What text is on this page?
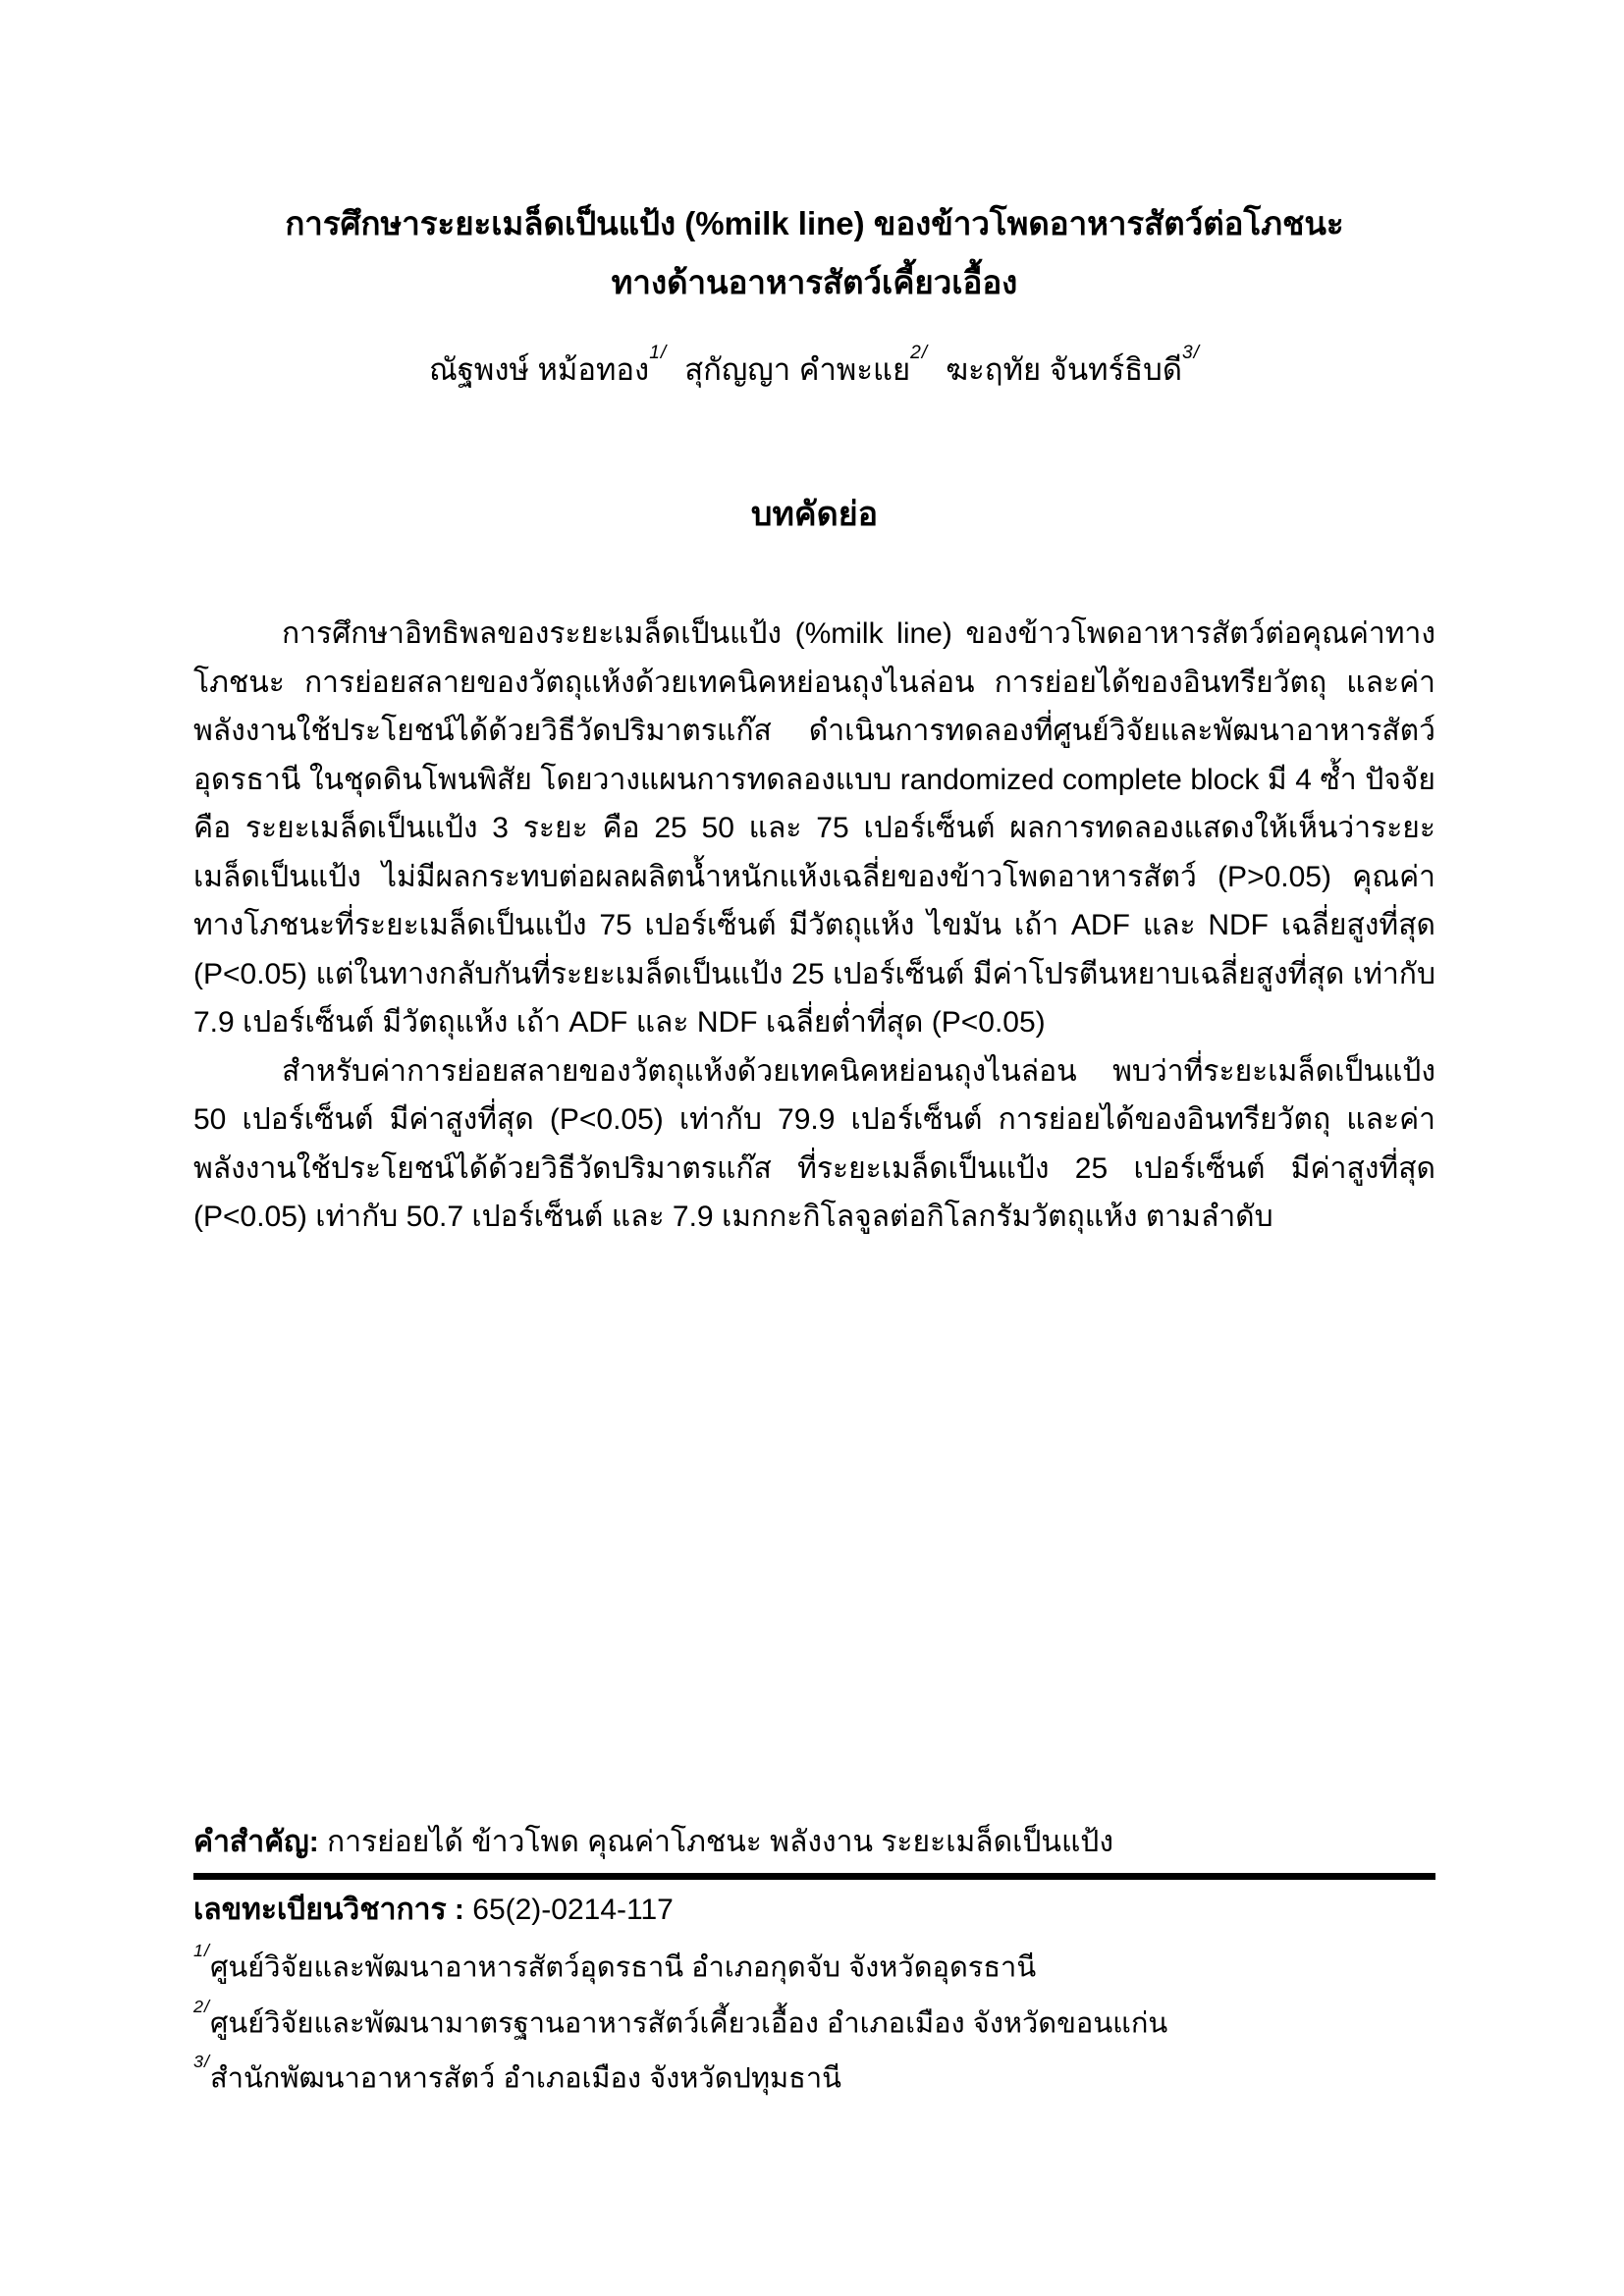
การศึกษาระยะเมล็ดเป็นแป้ง (%milk line) ของข้าวโพดอาหารสัตว์ต่อโภชนะ
ทางด้านอาหารสัตว์เคี้ยวเอื้อง
ณัฐพงษ์ หม้อทอง$^{1/}$ สุกัญญา คำพะแย$^{2/}$ ฆะฤทัย จันทร์ธิบดี$^{3/}$
บทคัดย่อ

การศึกษาอิทธิพลของระยะเมล็ดเป็นแป้ง (%milk line) ของข้าวโพดอาหารสัตว์ต่อคุณค่าทางโภชนะ การย่อยสลายของวัตถุแห้งด้วยเทคนิคหย่อนถุงไนล่อน การย่อยได้ของอินทรียวัตถุ และค่าพลังงานใช้ประโยชน์ได้ด้วยวิธีวัดปริมาตรแก๊ส ดำเนินการทดลองที่ศูนย์วิจัยและพัฒนาอาหารสัตว์อุดรธานี ในชุดดินโพนพิสัย โดยวางแผนการทดลองแบบ randomized complete block มี 4 ซ้ำ ปัจจัยคือ ระยะเมล็ดเป็นแป้ง 3 ระยะ คือ 25 50 และ 75 เปอร์เซ็นต์ ผลการทดลองแสดงให้เห็นว่าระยะเมล็ดเป็นแป้ง ไม่มีผลกระทบต่อผลผลิตน้ำหนักแห้งเฉลี่ยของข้าวโพดอาหารสัตว์ (P>0.05) คุณค่าทางโภชนะที่ระยะเมล็ดเป็นแป้ง 75 เปอร์เซ็นต์ มีวัตถุแห้ง ไขมัน เถ้า ADF และ NDF เฉลี่ยสูงที่สุด (P<0.05) แต่ในทางกลับกันที่ระยะเมล็ดเป็นแป้ง 25 เปอร์เซ็นต์ มีค่าโปรตีนหยาบเฉลี่ยสูงที่สุด เท่ากับ 7.9 เปอร์เซ็นต์ มีวัตถุแห้ง เถ้า ADF และ NDF เฉลี่ยต่ำที่สุด (P<0.05)

สำหรับค่าการย่อยสลายของวัตถุแห้งด้วยเทคนิคหย่อนถุงไนล่อน พบว่าที่ระยะเมล็ดเป็นแป้ง 50 เปอร์เซ็นต์ มีค่าสูงที่สุด (P<0.05) เท่ากับ 79.9 เปอร์เซ็นต์ การย่อยได้ของอินทรียวัตถุ และค่าพลังงานใช้ประโยชน์ได้ด้วยวิธีวัดปริมาตรแก๊ส ที่ระยะเมล็ดเป็นแป้ง 25 เปอร์เซ็นต์ มีค่าสูงที่สุด (P<0.05) เท่ากับ 50.7 เปอร์เซ็นต์ และ 7.9 เมกกะกิโลจูลต่อกิโลกรัมวัตถุแห้ง ตามลำดับ

คำสำคัญ: การย่อยได้ ข้าวโพด คุณค่าโภชนะ พลังงาน ระยะเมล็ดเป็นแป้ง
เลขทะเบียนวิชาการ : 65(2)-0214-117
$^{1/}$ศูนย์วิจัยและพัฒนาอาหารสัตว์อุดรธานี อำเภอกุดจับ จังหวัดอุดรธานี
$^{2/}$ศูนย์วิจัยและพัฒนามาตรฐานอาหารสัตว์เคี้ยวเอื้อง อำเภอเมือง จังหวัดขอนแก่น
$^{3/}$สำนักพัฒนาอาหารสัตว์ อำเภอเมือง จังหวัดปทุมธานี
